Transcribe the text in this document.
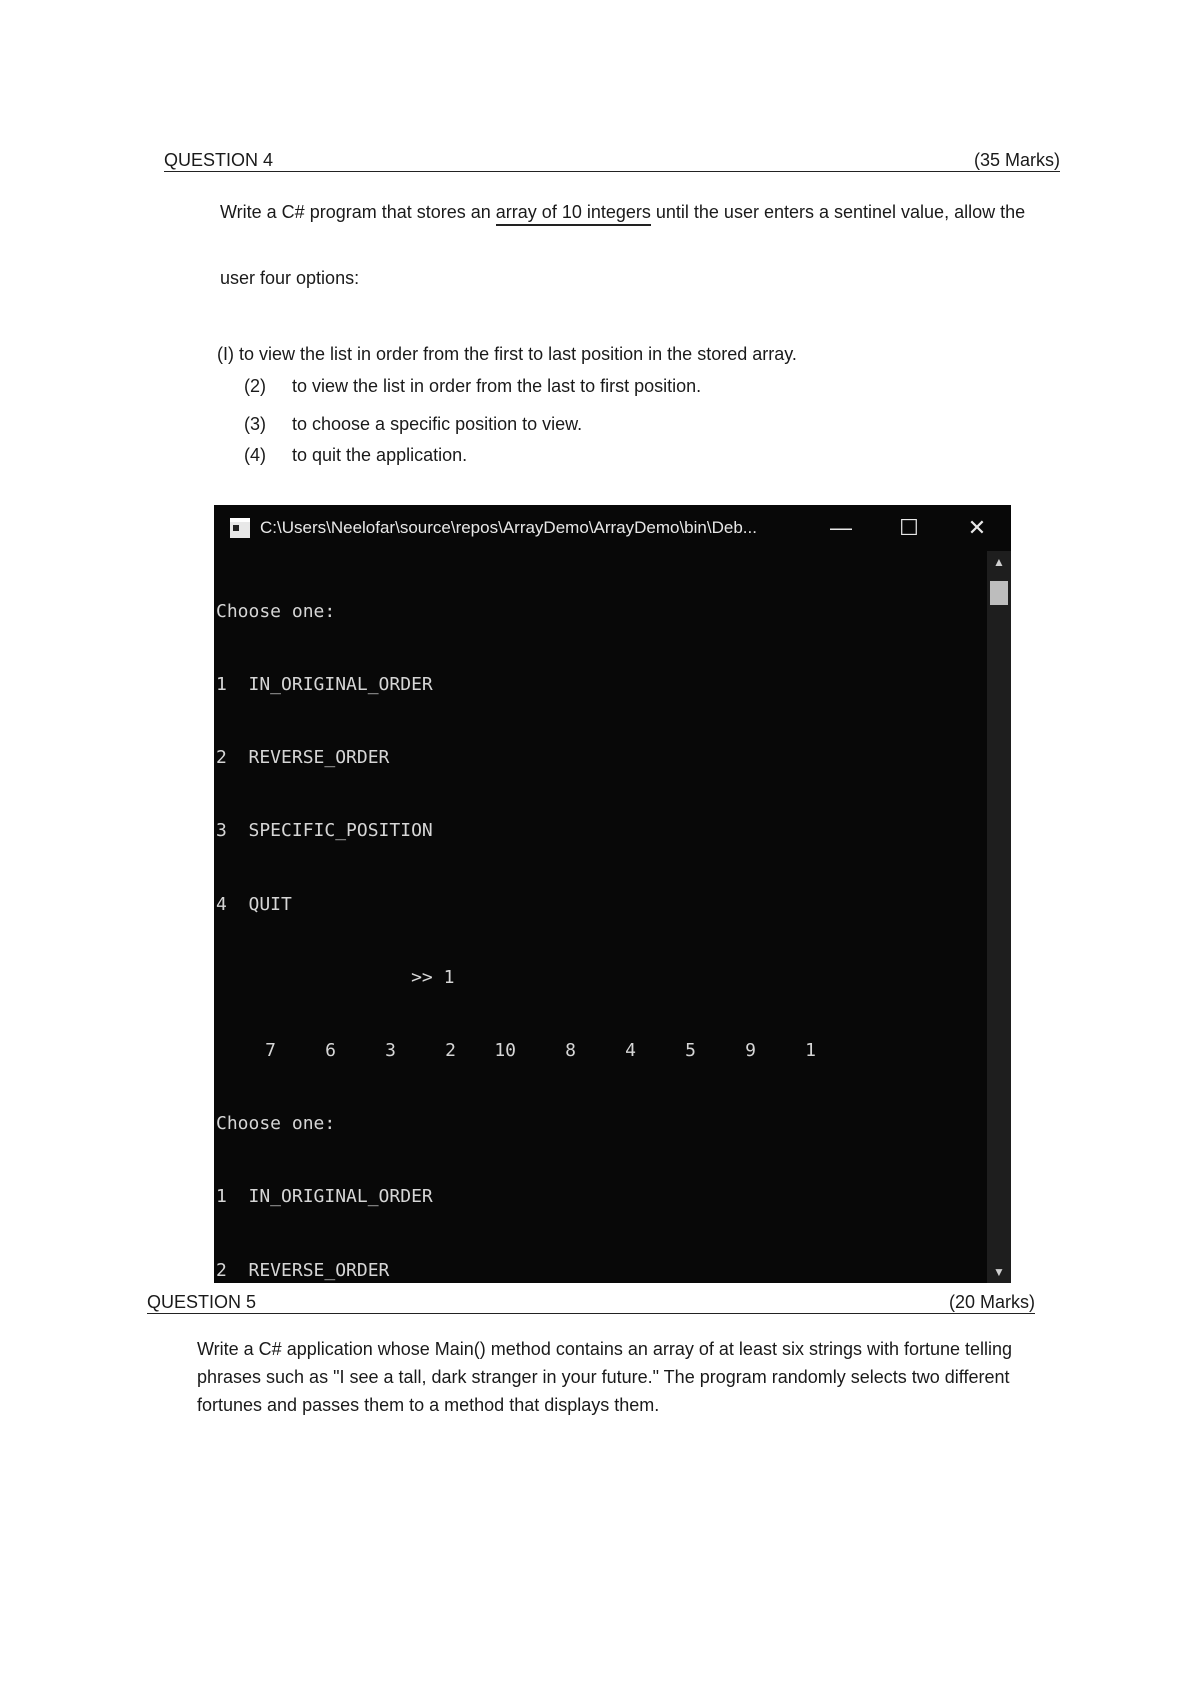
QUESTION 4	(35 Marks)
Write a C# program that stores an array of 10 integers until the user enters a sentinel value, allow the
user four options:
(I) to view the list in order from the first to last position in the stored array.
(2)	to view the list in order from the last to first position.
(3)	to choose a specific position to view.
(4)	to quit the application.
C:\Users\Neelofar\source\repos\ArrayDemo\ArrayDemo\bin\Deb...	—	☐	✕

Choose one:

1  IN_ORIGINAL_ORDER

2  REVERSE_ORDER

3  SPECIFIC_POSITION

4  QUIT

>> 1

7	6	3	2	10	8	4	5	9	1

Choose one:

1  IN_ORIGINAL_ORDER

2  REVERSE_ORDER

▲
▼
QUESTION 5	(20 Marks)
Write a C# application whose Main() method contains an array of at least six strings with fortune telling phrases such as "I see a tall, dark stranger in your future." The program randomly selects two different fortunes and passes them to a method that displays them.
